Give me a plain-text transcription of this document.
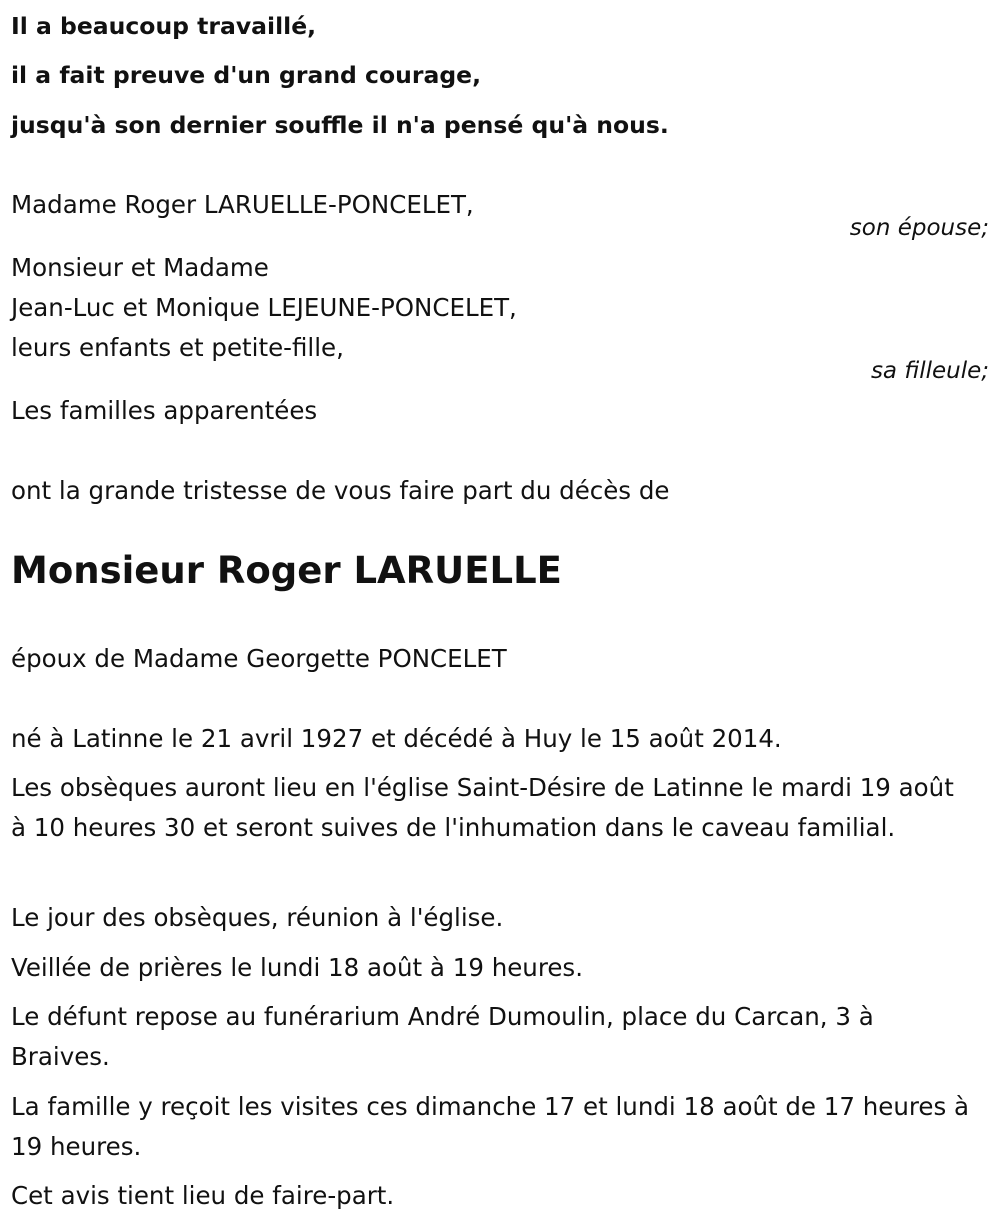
Il a beaucoup travaillé,
il a fait preuve d'un grand courage,
jusqu'à son dernier souffle il n'a pensé qu'à nous.
Madame Roger LARUELLE-PONCELET,
son épouse;
Monsieur et Madame
Jean-Luc et Monique LEJEUNE-PONCELET,
leurs enfants et petite-fille,
sa filleule;
Les familles apparentées
ont la grande tristesse de vous faire part du décès de
Monsieur Roger LARUELLE
époux de Madame Georgette PONCELET
né à Latinne le 21 avril 1927 et décédé à Huy le 15 août 2014.
Les obsèques auront lieu en l'église Saint-Désire de Latinne le mardi 19 août à 10 heures 30 et seront suives de l'inhumation dans le caveau familial.
Le jour des obsèques, réunion à l'église.
Veillée de prières le lundi 18 août à 19 heures.
Le défunt repose au funérarium André Dumoulin, place du Carcan, 3 à Braives.
La famille y reçoit les visites ces dimanche 17 et lundi 18 août de 17 heures à 19 heures.
Cet avis tient lieu de faire-part.
